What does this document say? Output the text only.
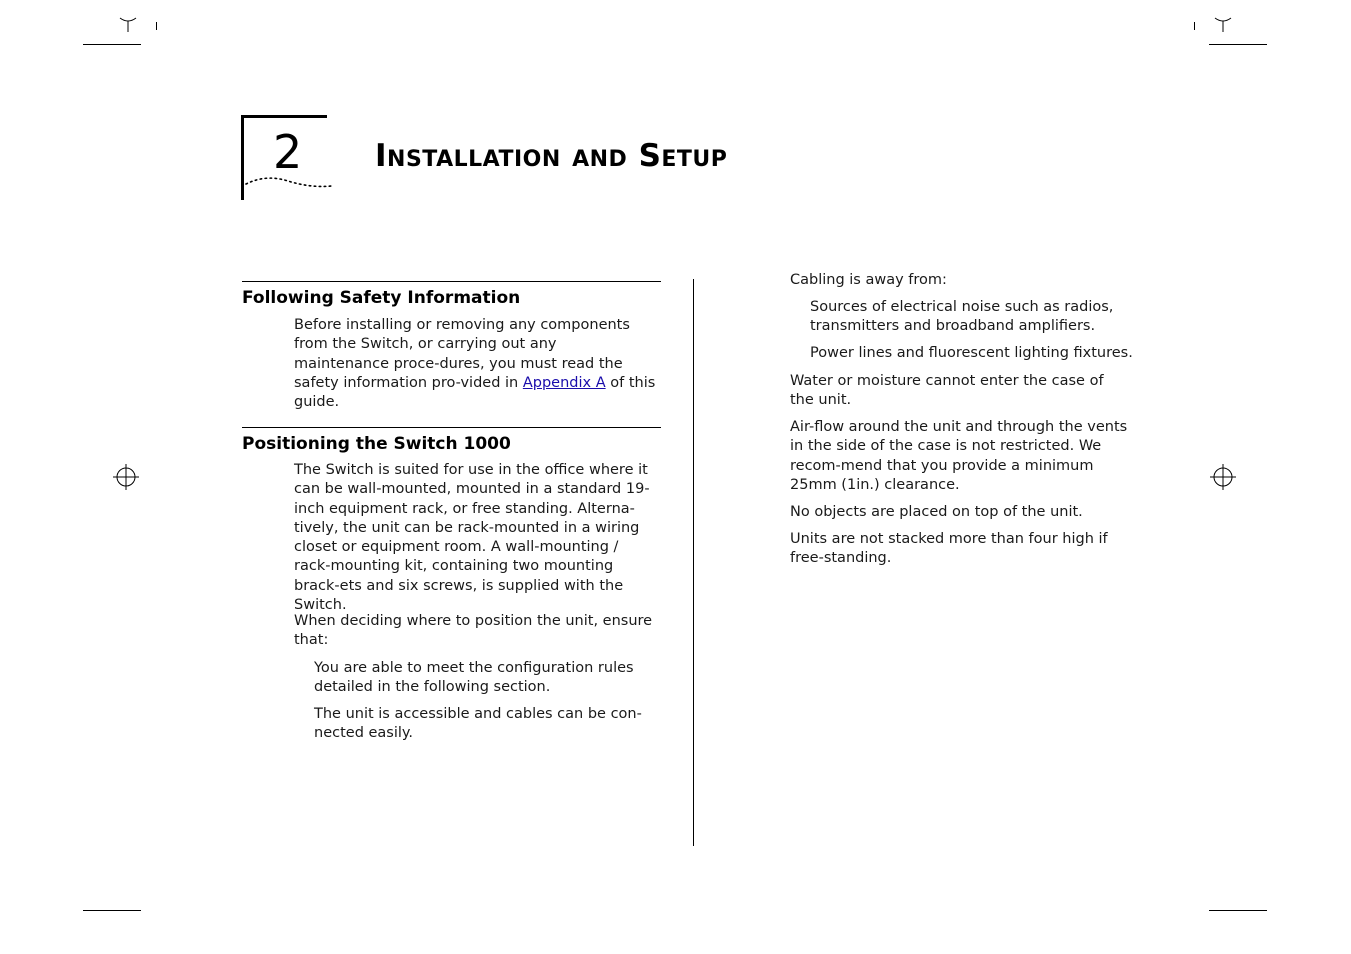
2 Installation and Setup
Following Safety Information
Before installing or removing any components from the Switch, or carrying out any maintenance proce-dures, you must read the safety information pro-vided in Appendix A of this guide.
Positioning the Switch 1000
The Switch is suited for use in the office where it can be wall-mounted, mounted in a standard 19-inch equipment rack, or free standing. Alterna-tively, the unit can be rack-mounted in a wiring closet or equipment room. A wall-mounting / rack-mounting kit, containing two mounting brack-ets and six screws, is supplied with the Switch.
When deciding where to position the unit, ensure that:
You are able to meet the configuration rules detailed in the following section.
The unit is accessible and cables can be con-nected easily.
Cabling is away from:
Sources of electrical noise such as radios, transmitters and broadband amplifiers.
Power lines and fluorescent lighting fixtures.
Water or moisture cannot enter the case of the unit.
Air-flow around the unit and through the vents in the side of the case is not restricted. We recom-mend that you provide a minimum 25mm (1in.) clearance.
No objects are placed on top of the unit.
Units are not stacked more than four high if free-standing.
